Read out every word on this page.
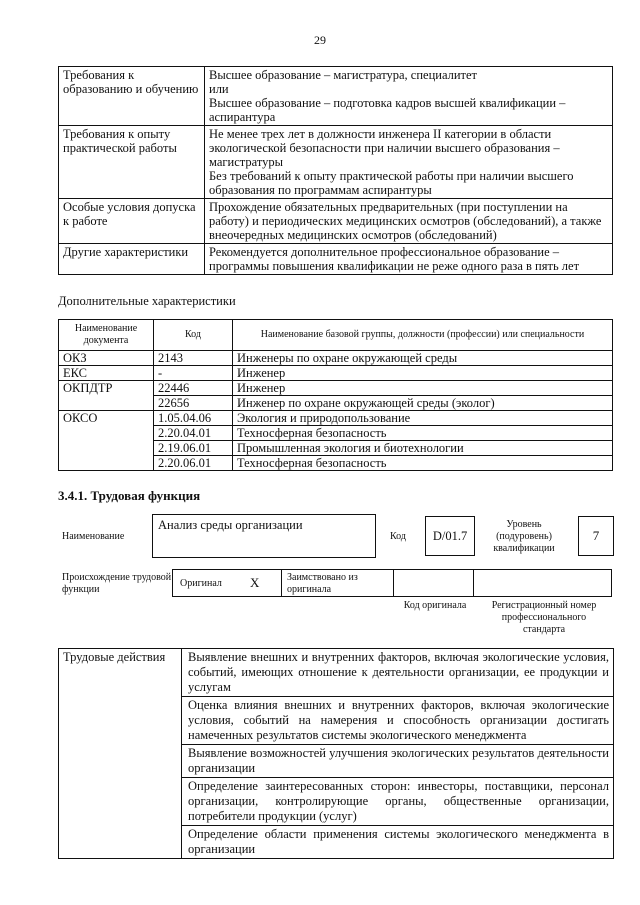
29
Требования к образованию и обучению	Высшее образование – магистратура, специалитет
или
Высшее образование – подготовка кадров высшей квалификации – аспирантура
Требования к опыту практической работы	Не менее трех лет в должности инженера II категории в области экологической безопасности при наличии высшего образования – магистратуры
Без требований к опыту практической работы при наличии высшего образования по программам аспирантуры
Особые условия допуска к работе	Прохождение обязательных предварительных (при поступлении на работу) и периодических медицинских осмотров (обследований), а также внеочередных медицинских осмотров (обследований)
Другие характеристики	Рекомендуется дополнительное профессиональное образование – программы повышения квалификации не реже одного раза в пять лет
Дополнительные характеристики
Наименование документа	Код	Наименование базовой группы, должности (профессии) или специальности
ОКЗ	2143	Инженеры по охране окружающей среды
ЕКС	-	Инженер
ОКПДТР	22446	Инженер
	22656	Инженер по охране окружающей среды (эколог)
ОКСО	1.05.04.06	Экология и природопользование
	2.20.04.01	Техносферная безопасность
	2.19.06.01	Промышленная экология и биотехнологии
	2.20.06.01	Техносферная безопасность
3.4.1. Трудовая функция
Наименование
Анализ среды организации
Код D/01.7
Уровень (подуровень) квалификации
7
Происхождение трудовой функции
Оригинал X	Заимствовано из оригинала
Код оригинала	Регистрационный номер профессионального стандарта
Трудовые действия	Выявление внешних и внутренних факторов, включая экологические условия, событий, имеющих отношение к деятельности организации, ее продукции и услугам
Оценка влияния внешних и внутренних факторов, включая экологические условия, событий на намерения и способность организации достигать намеченных результатов системы экологического менеджмента
Выявление возможностей улучшения экологических результатов деятельности организации
Определение заинтересованных сторон: инвесторы, поставщики, персонал организации, контролирующие органы, общественные организации, потребители продукции (услуг)
Определение области применения системы экологического менеджмента в организации
